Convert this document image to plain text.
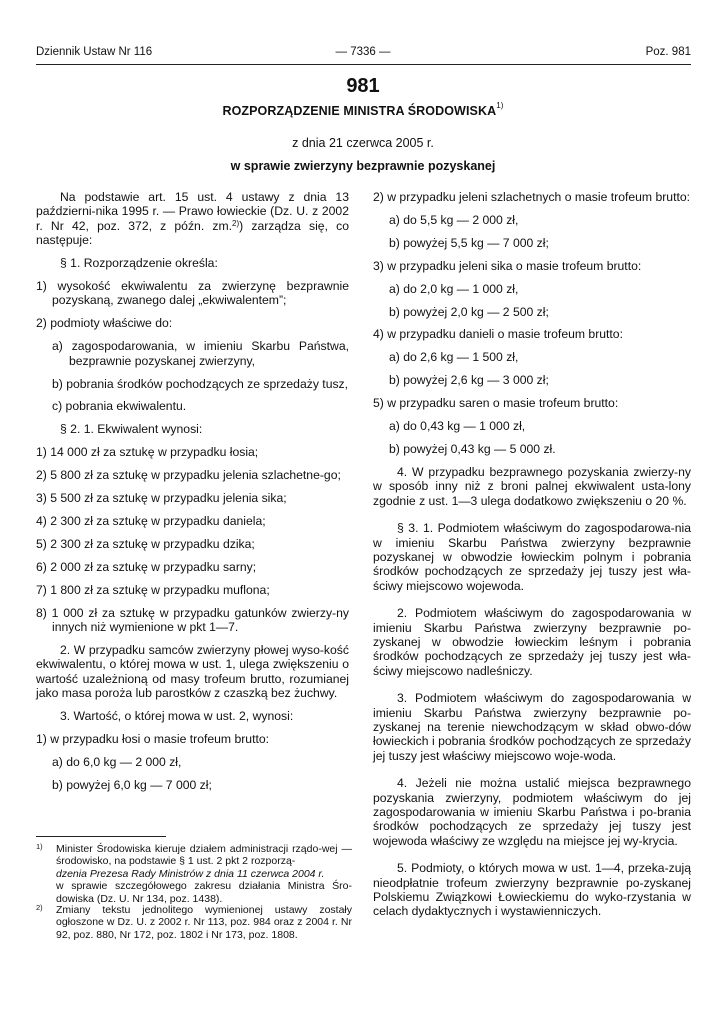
Dziennik Ustaw Nr 116	— 7336 —	Poz. 981
981
ROZPORZĄDZENIE MINISTRA ŚRODOWISKA$^{1)}$
z dnia 21 czerwca 2005 r.
w sprawie zwierzyny bezprawnie pozyskanej

Na podstawie art. 15 ust. 4 ustawy z dnia 13 październi-nika 1995 r. — Prawo łowieckie (Dz. U. z 2002 r. Nr 42, poz. 372, z późn. zm.$^{2)}$) zarządza się, co następuje:

§ 1. Rozporządzenie określa:

1) wysokość ekwiwalentu za zwierzynę bezprawnie pozyskaną, zwanego dalej „ekwiwalentem”;

2) podmioty właściwe do:

a) zagospodarowania, w imieniu Skarbu Państwa, bezprawnie pozyskanej zwierzyny,

b) pobrania środków pochodzących ze sprzedaży tusz,

c) pobrania ekwiwalentu.

§ 2. 1. Ekwiwalent wynosi:

1) 14 000 zł za sztukę w przypadku łosia;

2) 5 800 zł za sztukę w przypadku jelenia szlachetne-go;

3) 5 500 zł za sztukę w przypadku jelenia sika;

4) 2 300 zł za sztukę w przypadku daniela;

5) 2 300 zł za sztukę w przypadku dzika;

6) 2 000 zł za sztukę w przypadku sarny;

7) 1 800 zł za sztukę w przypadku muflona;

8) 1 000 zł za sztukę w przypadku gatunków zwierzy-ny innych niż wymienione w pkt 1—7.

2. W przypadku samców zwierzyny płowej wyso-kość ekwiwalentu, o której mowa w ust. 1, ulega zwiększeniu o wartość uzależnioną od masy trofeum brutto, rozumianej jako masa poroża lub parostków z czaszką bez żuchwy.

3. Wartość, o której mowa w ust. 2, wynosi:

1) w przypadku łosi o masie trofeum brutto:

a) do 6,0 kg — 2 000 zł,

b) powyżej 6,0 kg — 7 000 zł;

2) w przypadku jeleni szlachetnych o masie trofeum brutto:

a) do 5,5 kg — 2 000 zł,

b) powyżej 5,5 kg — 7 000 zł;

3) w przypadku jeleni sika o masie trofeum brutto:

a) do 2,0 kg — 1 000 zł,

b) powyżej 2,0 kg — 2 500 zł;

4) w przypadku danieli o masie trofeum brutto:

a) do 2,6 kg — 1 500 zł,

b) powyżej 2,6 kg — 3 000 zł;

5) w przypadku saren o masie trofeum brutto:

a) do 0,43 kg — 1 000 zł,

b) powyżej 0,43 kg — 5 000 zł.

4. W przypadku bezprawnego pozyskania zwierzy-ny w sposób inny niż z broni palnej ekwiwalent usta-lony zgodnie z ust. 1—3 ulega dodatkowo zwiększeniu o 20 %.

§ 3. 1. Podmiotem właściwym do zagospodarowa-nia w imieniu Skarbu Państwa zwierzyny bezprawnie pozyskanej w obwodzie łowieckim polnym i pobrania środków pochodzących ze sprzedaży jej tuszy jest wła-ściwy miejscowo wojewoda.

2. Podmiotem właściwym do zagospodarowania w imieniu Skarbu Państwa zwierzyny bezprawnie po-zyskanej w obwodzie łowieckim leśnym i pobrania środków pochodzących ze sprzedaży jej tuszy jest wła-ściwy miejscowo nadleśniczy.

3. Podmiotem właściwym do zagospodarowania w imieniu Skarbu Państwa zwierzyny bezprawnie po-zyskanej na terenie niewchodzącym w skład obwo-dów łowieckich i pobrania środków pochodzących ze sprzedaży jej tuszy jest właściwy miejscowo woje-woda.

4. Jeżeli nie można ustalić miejsca bezprawnego pozyskania zwierzyny, podmiotem właściwym do jej zagospodarowania w imieniu Skarbu Państwa i po-brania środków pochodzących ze sprzedaży jej tuszy jest wojewoda właściwy ze względu na miejsce jej wy-krycia.

5. Podmioty, o których mowa w ust. 1—4, przeka-zują nieodpłatnie trofeum zwierzyny bezprawnie po-zyskanej Polskiemu Związkowi Łowieckiemu do wyko-rzystania w celach dydaktycznych i wystawienniczych.

1)	Minister Środowiska kieruje działem administracji rządo-wej — środowisko, na podstawie § 1 ust. 2 pkt 2 rozporzą-
dzenia Prezesa Rady Ministrów z dnia 11 czerwca 2004 r.
w sprawie szczegółowego zakresu działania Ministra Śro-dowiska (Dz. U. Nr 134, poz. 1438).
2)	Zmiany tekstu jednolitego wymienionej ustawy zostały ogłoszone w Dz. U. z 2002 r. Nr 113, poz. 984 oraz z 2004 r. Nr 92, poz. 880, Nr 172, poz. 1802 i Nr 173, poz. 1808.
